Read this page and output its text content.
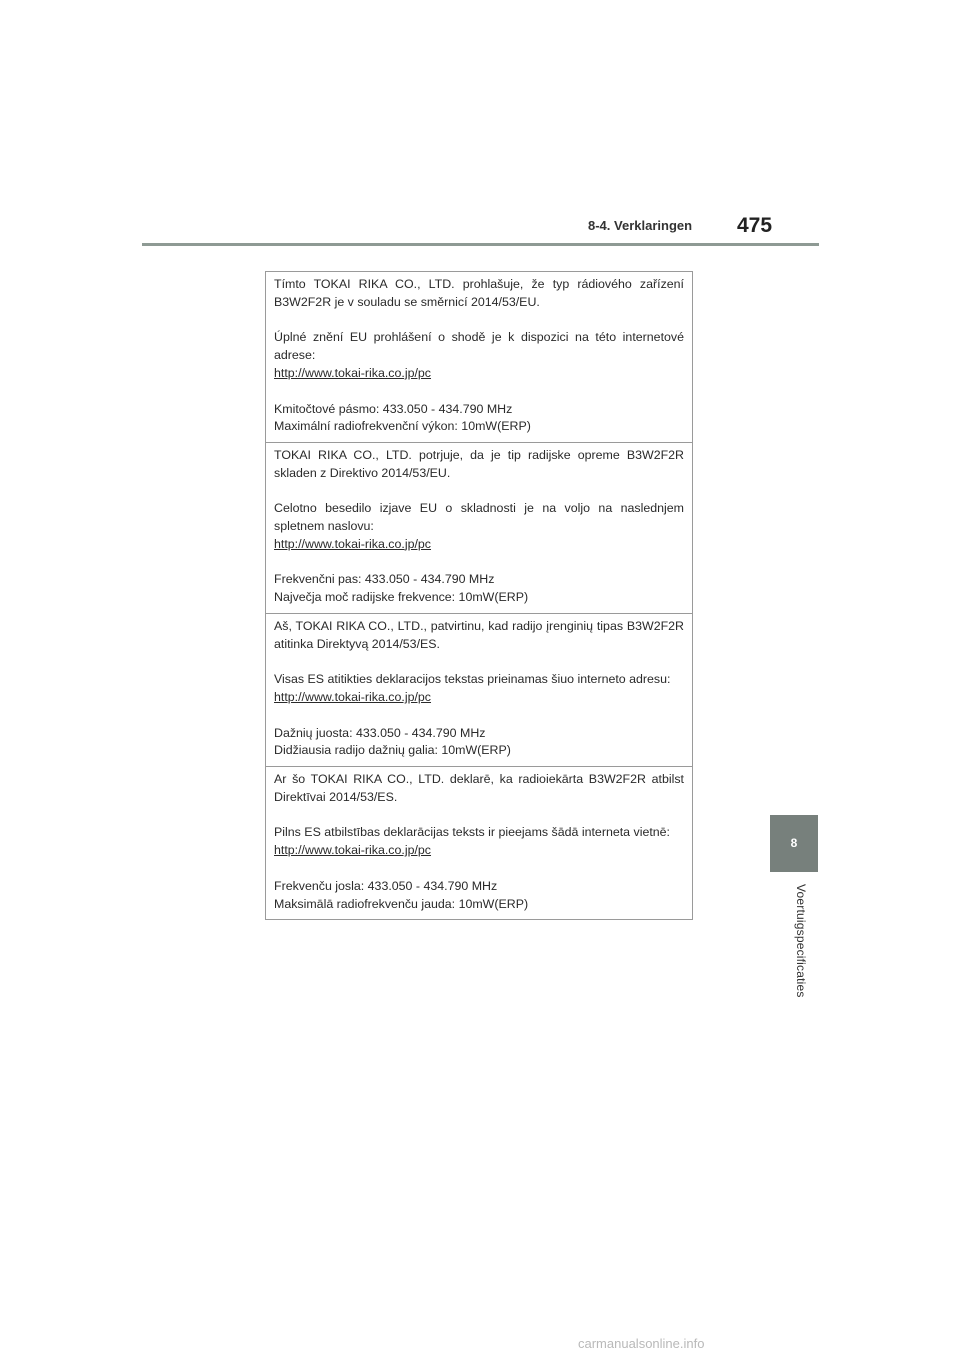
8-4. Verklaringen 475
8
Voertuigspecificaties

Tímto TOKAI RIKA CO., LTD. prohlašuje, že typ rádiového zařízení B3W2F2R je v souladu se směrnicí 2014/53/EU.

Úplné znění EU prohlášení o shodě je k dispozici na této internetové adrese:

http://www.tokai-rika.co.jp/pc

Kmitočtové pásmo: 433.050 - 434.790 MHz

Maximální radiofrekvenční výkon: 10mW(ERP)

TOKAI RIKA CO., LTD. potrjuje, da je tip radijske opreme B3W2F2R skladen z Direktivo 2014/53/EU.

Celotno besedilo izjave EU o skladnosti je na voljo na naslednjem spletnem naslovu:

http://www.tokai-rika.co.jp/pc

Frekvenčni pas: 433.050 - 434.790 MHz

Največja moč radijske frekvence: 10mW(ERP)

Aš, TOKAI RIKA CO., LTD., patvirtinu, kad radijo įrenginių tipas B3W2F2R atitinka Direktyvą 2014/53/ES.

Visas ES atitikties deklaracijos tekstas prieinamas šiuo interneto adresu:

http://www.tokai-rika.co.jp/pc

Dažnių juosta: 433.050 - 434.790 MHz

Didžiausia radijo dažnių galia: 10mW(ERP)

Ar šo TOKAI RIKA CO., LTD. deklarē, ka radioiekārta B3W2F2R atbilst Direktīvai 2014/53/ES.

Pilns ES atbilstības deklarācijas teksts ir pieejams šādā interneta vietnē:

http://www.tokai-rika.co.jp/pc

Frekvenču josla: 433.050 - 434.790 MHz

Maksimālā radiofrekvenču jauda: 10mW(ERP)

carmanualsonline.info
